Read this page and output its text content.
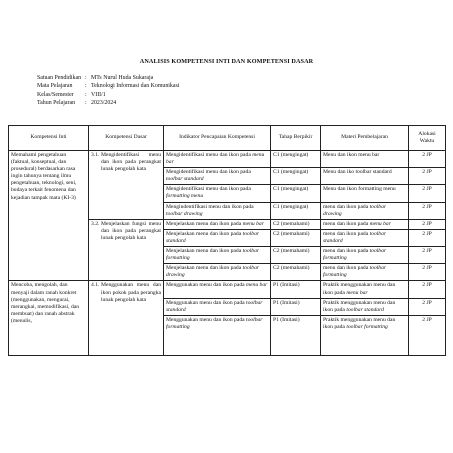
ANALISIS KOMPETENSI INTI DAN KOMPETENSI DASAR
Satuan Pendidikan : MTs Nurul Huda Sukaraja
Mata Pelajaran	: Teknologi Informasi dan Komunikasi
Kelas/Semester	: VIII/1
Tahun Pelajaran	: 2023/2024
Kompetensi Inti	Kompetensi Dasar	Indikator Pencapaian Kompetensi	Tahap Berpikir	Materi Pembelajaran	Alokasi Waktu
Memahami pengetahuan (faktual, konseptual, dan prosedural) berdasarkan rasa ingin tahunya tentang ilmu pengetahuan, teknologi, seni, budaya terkait fenomena dan kejadian tampak mata (KI-3)	3.1. Mengidentifikasi menu dan ikon pada perangkat lunak pengolah kata	Mengidentifikasi menu dan ikon pada menu bar	C1 (mengingat)	Menu dan ikon menu bar	2 JP
		Mengidentifikasi menu dan ikon pada toolbar standard	C1 (mengingat)	Menu dan iko toolbar standard	2 JP
		Mengidentifikasi menu dan ikon pada formatting menu	C1 (mengingat)	Menu dan ikon formatting menu	2 JP
		Mengindentifikasi menu dan ikon pada toolbar drawing	C1 (mengingat)	menu dan ikon pada toolbar drawing	2 JP

	3.2. Menjelaskan fungsi menu dan ikon pada perangkat lunak pengolah kata	Menjelaskan menu dan ikon pada menu bar	C2 (memahami)	menu dan ikon pada menu bar	2 JP
		Menjelaskan menu dan ikon pada toolbar standard	C2 (memahami)	menu dan ikon pada toolbar standard	2 JP
		Menjelaskan menu dan ikon pada toolbar formatting	C2 (memahami)	menu dan ikon pada toolbar formatting	2 JP
		Menjelaskan menu dan ikon pada toolbar drawing	C2 (memahami)	menu dan ikon pada toolbar formatting	2 JP
Mencoba, mengolah, dan menyaji dalam ranah konkret (menggunakan, mengurai, merangkai, memodifikasi, dan membuat) dan ranah abstrak (menulis,	4.1. Menggunakan menu dan ikon pokok pada perangka lunak pengolah kata	Menggunakan menu dan ikon pada menu bar	P1 (Imitasi)	Praktik menggunakan menu dan ikon pada menu bar	2 JP
		Menggunakan menu dan ikon pada toolbar standard	P1 (Imitasi)	Praktik menggunakan menu dan ikon pada toolbar standard	2 JP
		Menggunakan menu dan ikon pada toolbar formatting	P1 (Imitasi)	Praktik menggunakan menu dan ikon pada toolbar formatting	2 JP
